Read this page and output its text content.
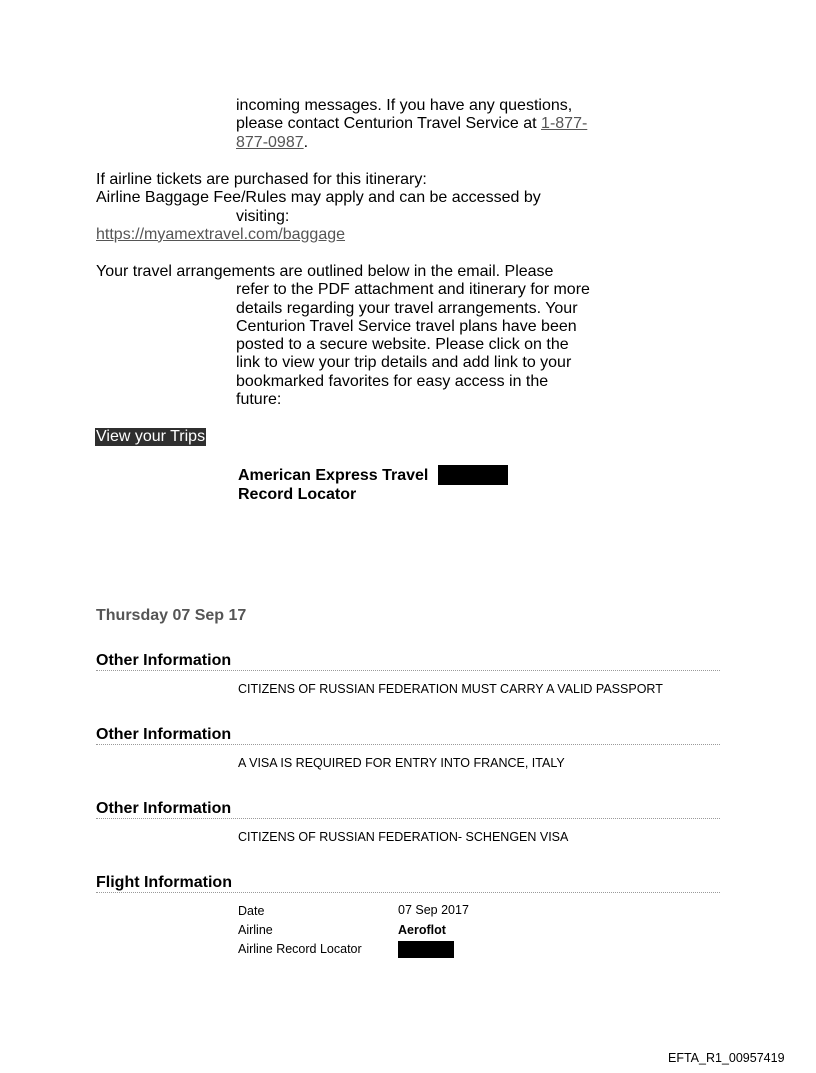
incoming messages. If you have any questions,
please contact Centurion Travel Service at 1-877-
877-0987.
If airline tickets are purchased for this itinerary:
Airline Baggage Fee/Rules may apply and can be accessed by
visiting:
https://myamextravel.com/baggage
Your travel arrangements are outlined below in the email. Please
refer to the PDF attachment and itinerary for more
details regarding your travel arrangements. Your
Centurion Travel Service travel plans have been
posted to a secure website. Please click on the
link to view your trip details and add link to your
bookmarked favorites for easy access in the
future:
View your Trips
American Express Travel
Record Locator
Thursday 07 Sep 17
Other Information
CITIZENS OF RUSSIAN FEDERATION MUST CARRY A VALID PASSPORT
Other Information
A VISA IS REQUIRED FOR ENTRY INTO FRANCE, ITALY
Other Information
CITIZENS OF RUSSIAN FEDERATION- SCHENGEN VISA
Flight Information
Date	07 Sep 2017
Airline	Aeroflot
Airline Record Locator
EFTA_R1_00957419
